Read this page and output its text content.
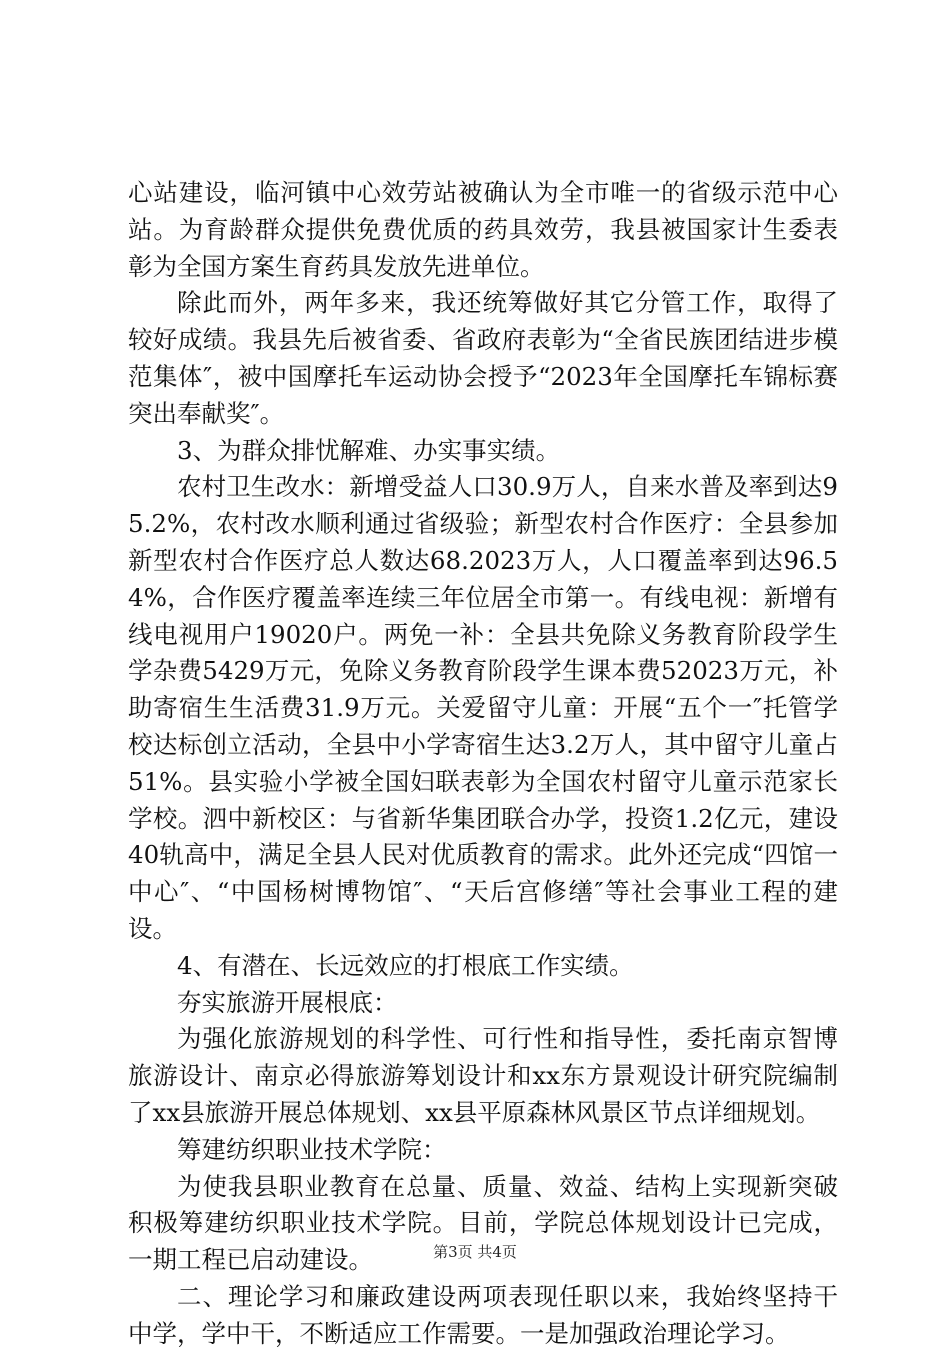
心站建设，临河镇中心效劳站被确认为全市唯一的省级示范中心站。为育龄群众提供免费优质的药具效劳，我县被国家计生委表彰为全国方案生育药具发放先进单位。

除此而外，两年多来，我还统筹做好其它分管工作，取得了较好成绩。我县先后被省委、省政府表彰为“全省民族团结进步模范集体″，被中国摩托车运动协会授予“2023年全国摩托车锦标赛突出奉献奖″。

3、为群众排忧解难、办实事实绩。

农村卫生改水：新增受益人口30.9万人，自来水普及率到达95.2%，农村改水顺利通过省级验；新型农村合作医疗：全县参加新型农村合作医疗总人数达68.2023万人，人口覆盖率到达96.54%，合作医疗覆盖率连续三年位居全市第一。有线电视：新增有线电视用户19020户。两免一补：全县共免除义务教育阶段学生学杂费5429万元，免除义务教育阶段学生课本费52023万元，补助寄宿生生活费31.9万元。关爱留守儿童：开展“五个一″托管学校达标创立活动，全县中小学寄宿生达3.2万人，其中留守儿童占51%。县实验小学被全国妇联表彰为全国农村留守儿童示范家长学校。泗中新校区：与省新华集团联合办学，投资1.2亿元，建设40轨高中，满足全县人民对优质教育的需求。此外还完成“四馆一中心″、“中国杨树博物馆″、“天后宫修缮″等社会事业工程的建设。

4、有潜在、长远效应的打根底工作实绩。

夯实旅游开展根底：

为强化旅游规划的科学性、可行性和指导性，委托南京智博旅游设计、南京必得旅游筹划设计和xx东方景观设计研究院编制了xx县旅游开展总体规划、xx县平原森林风景区节点详细规划。

筹建纺织职业技术学院：

为使我县职业教育在总量、质量、效益、结构上实现新突破积极筹建纺织职业技术学院。目前，学院总体规划设计已完成，一期工程已启动建设。

二、理论学习和廉政建设两项表现任职以来，我始终坚持干中学，学中干，不断适应工作需要。一是加强政治理论学习。

第3页 共4页
